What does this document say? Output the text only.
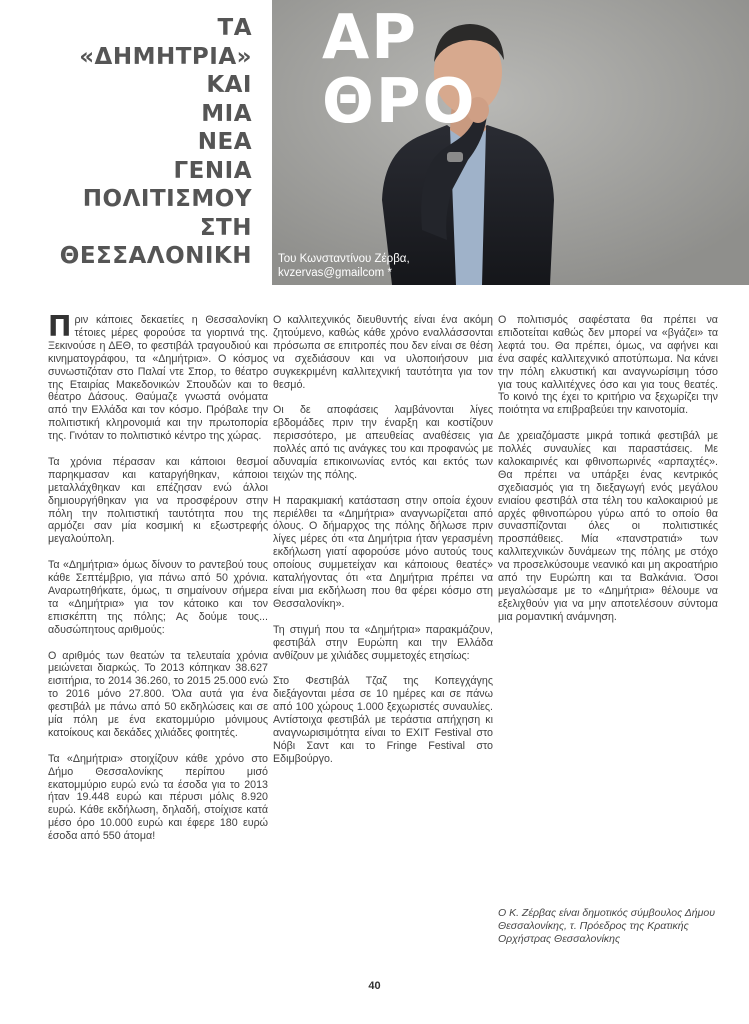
ΤΑ
«ΔΗΜΗΤΡΙΑ»
ΚΑΙ
ΜΙΑ
ΝΕΑ
ΓΕΝΙΑ
ΠΟΛΙΤΙΣΜΟΥ
ΣΤΗ
ΘΕΣΣΑΛΟΝΙΚΗ
ΑΡ
ΘΡΟ
Του Κωνσταντίνου Ζέρβα,
kvzervas@gmailcom *

Π ριν κάποιες δεκαετίες η Θεσσαλονίκη τέτοιες μέρες φορούσε τα γιορτινά της. Ξεκινούσε η ΔΕΘ, το φεστιβάλ τραγουδιού και κινηματογράφου, τα «Δημήτρια». Ο κόσμος συνωστιζόταν στο Παλαί ντε Σπορ, το θέατρο της Εταιρίας Μακεδονικών Σπουδών και το θέατρο Δάσους. Θαύμαζε γνωστά ονόματα από την Ελλάδα και τον κόσμο. Πρόβαλε την πολιτιστική κληρονομιά και την πρωτοπορία της. Γινόταν το πολιτιστικό κέντρο της χώρας.

Τα χρόνια πέρασαν και κάποιοι θεσμοί παρηκμασαν και καταργήθηκαν, κάποιοι μεταλλάχθηκαν και επέζησαν ενώ άλλοι δημιουργήθηκαν για να προσφέρουν στην πόλη την πολιτιστική ταυτότητα που της αρμόζει σαν μία κοσμική κι εξωστρεφής μεγαλούπολη.

Τα «Δημήτρια» όμως δίνουν το ραντεβού τους κάθε Σεπτέμβριο, για πάνω από 50 χρόνια. Αναρωτηθήκατε, όμως, τι σημαίνουν σήμερα τα «Δημήτρια» για τον κάτοικο και τον επισκέπτη της πόλης; Ας δούμε τους... αδυσώπητους αριθμούς:

Ο αριθμός των θεατών τα τελευταία χρόνια μειώνεται διαρκώς. Το 2013 κόπηκαν 38.627 εισιτήρια, το 2014 36.260, το 2015 25.000 ενώ το 2016 μόνο 27.800. Όλα αυτά για ένα φεστιβάλ με πάνω από 50 εκδηλώσεις και σε μία πόλη με ένα εκατομμύριο μόνιμους κατοίκους και δεκάδες χιλιάδες φοιτητές.

Τα «Δημήτρια» στοιχίζουν κάθε χρόνο στο Δήμο Θεσσαλονίκης περίπου μισό εκατομμύριο ευρώ ενώ τα έσοδα για το 2013 ήταν 19.448 ευρώ και πέρυσι μόλις 8.920 ευρώ. Κάθε εκδήλωση, δηλαδή, στοίχισε κατά μέσο όρο 10.000 ευρώ και έφερε 180 ευρώ έσοδα από 550 άτομα!

Ο καλλιτεχνικός διευθυντής είναι ένα ακόμη ζητούμενο, καθώς κάθε χρόνο εναλλάσσονται πρόσωπα σε επιτροπές που δεν είναι σε θέση να σχεδιάσουν και να υλοποιήσουν μια συγκεκριμένη καλλιτεχνική ταυτότητα για τον θεσμό.

Οι δε αποφάσεις λαμβάνονται λίγες εβδομάδες πριν την έναρξη και κοστίζουν περισσότερο, με απευθείας αναθέσεις για πολλές από τις ανάγκες του και προφανώς με αδυναμία επικοινωνίας εντός και εκτός των τειχών της πόλης.

Η παρακμιακή κατάσταση στην οποία έχουν περιέλθει τα «Δημήτρια» αναγνωρίζεται από όλους. Ο δήμαρχος της πόλης δήλωσε πριν λίγες μέρες ότι «τα Δημήτρια ήταν γερασμένη εκδήλωση γιατί αφορούσε μόνο αυτούς τους οποίους συμμετείχαν και κάποιους θεατές» καταλήγοντας ότι «τα Δημήτρια πρέπει να είναι μια εκδήλωση που θα φέρει κόσμο στη Θεσσαλονίκη».

Τη στιγμή που τα «Δημήτρια» παρακμάζουν, φεστιβάλ στην Ευρώπη και την Ελλάδα ανθίζουν με χιλιάδες συμμετοχές ετησίως:

Στο Φεστιβάλ Τζαζ της Κοπεγχάγης διεξάγονται μέσα σε 10 ημέρες και σε πάνω από 100 χώρους 1.000 ξεχωριστές συναυλίες. Αντίστοιχα φεστιβάλ με τεράστια απήχηση κι αναγνωρισιμότητα είναι το EXIT Festival στο Νόβι Σαντ και το Fringe Festival στο Εδιμβούργο.

Ο πολιτισμός σαφέστατα θα πρέπει να επιδοτείται καθώς δεν μπορεί να «βγάζει» τα λεφτά του. Θα πρέπει, όμως, να αφήνει και ένα σαφές καλλιτεχνικό αποτύπωμα. Να κάνει την πόλη ελκυστική και αναγνωρίσιμη τόσο για τους καλλιτέχνες όσο και για τους θεατές. Το κοινό της έχει το κριτήριο να ξεχωρίζει την ποιότητα να επιβραβεύει την καινοτομία.

Δε χρειαζόμαστε μικρά τοπικά φεστιβάλ με πολλές συναυλίες και παραστάσεις. Με καλοκαιρινές και φθινοπωρινές «αρπαχτές». Θα πρέπει να υπάρξει ένας κεντρικός σχεδιασμός για τη διεξαγωγή ενός μεγάλου ενιαίου φεστιβάλ στα τέλη του καλοκαιριού με αρχές φθινοπώρου γύρω από το οποίο θα συνασπίζονται όλες οι πολιτιστικές προσπάθειες. Μία «πανστρατιά» των καλλιτεχνικών δυνάμεων της πόλης με στόχο να προσελκύσουμε νεανικό και μη ακροατήριο από την Ευρώπη και τα Βαλκάνια. Όσοι μεγαλώσαμε με το «Δημήτρια» θέλουμε να εξελιχθούν για να μην αποτελέσουν σύντομα μια ρομαντική ανάμνηση.

Ο Κ. Ζέρβας είναι δημοτικός σύμβουλος Δήμου Θεσσαλονίκης, τ. Πρόεδρος της Κρατικής Ορχήστρας Θεσσαλονίκης
40
